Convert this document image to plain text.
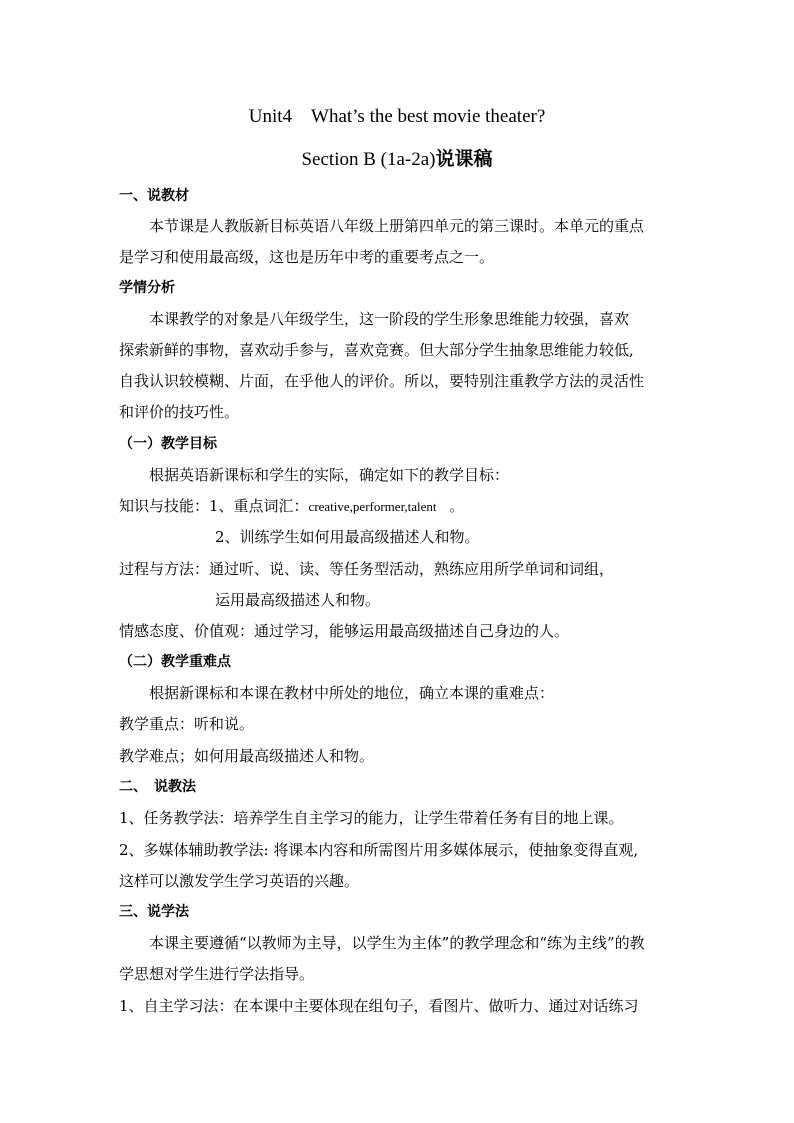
Unit4　What’s the best movie theater?
Section B (1a-2a)说课稿
一、说教材
本节课是人教版新目标英语八年级上册第四单元的第三课时。本单元的重点
是学习和使用最高级，这也是历年中考的重要考点之一。
学情分析
本课教学的对象是八年级学生，这一阶段的学生形象思维能力较强，喜欢
探索新鲜的事物，喜欢动手参与，喜欢竞赛。但大部分学生抽象思维能力较低,
自我认识较模糊、片面，在乎他人的评价。所以，要特别注重教学方法的灵活性
和评价的技巧性。
（一）教学目标
根据英语新课标和学生的实际，确定如下的教学目标：
知识与技能：1、重点词汇：creative,performer,talent　。
2、训练学生如何用最高级描述人和物。
过程与方法：通过听、说、读、等任务型活动，熟练应用所学单词和词组，
运用最高级描述人和物。
情感态度、价值观：通过学习，能够运用最高级描述自己身边的人。
（二）教学重难点
根据新课标和本课在教材中所处的地位，确立本课的重难点：
教学重点：听和说。
教学难点；如何用最高级描述人和物。
二、　说教法
1、任务教学法：培养学生自主学习的能力，让学生带着任务有目的地上课。
2、多媒体辅助教学法: 将课本内容和所需图片用多媒体展示，使抽象变得直观,
这样可以激发学生学习英语的兴趣。
三、说学法
本课主要遵循“以教师为主导，以学生为主体”的教学理念和“练为主线”的教
学思想对学生进行学法指导。
1、自主学习法：在本课中主要体现在组句子，看图片、做听力、通过对话练习
